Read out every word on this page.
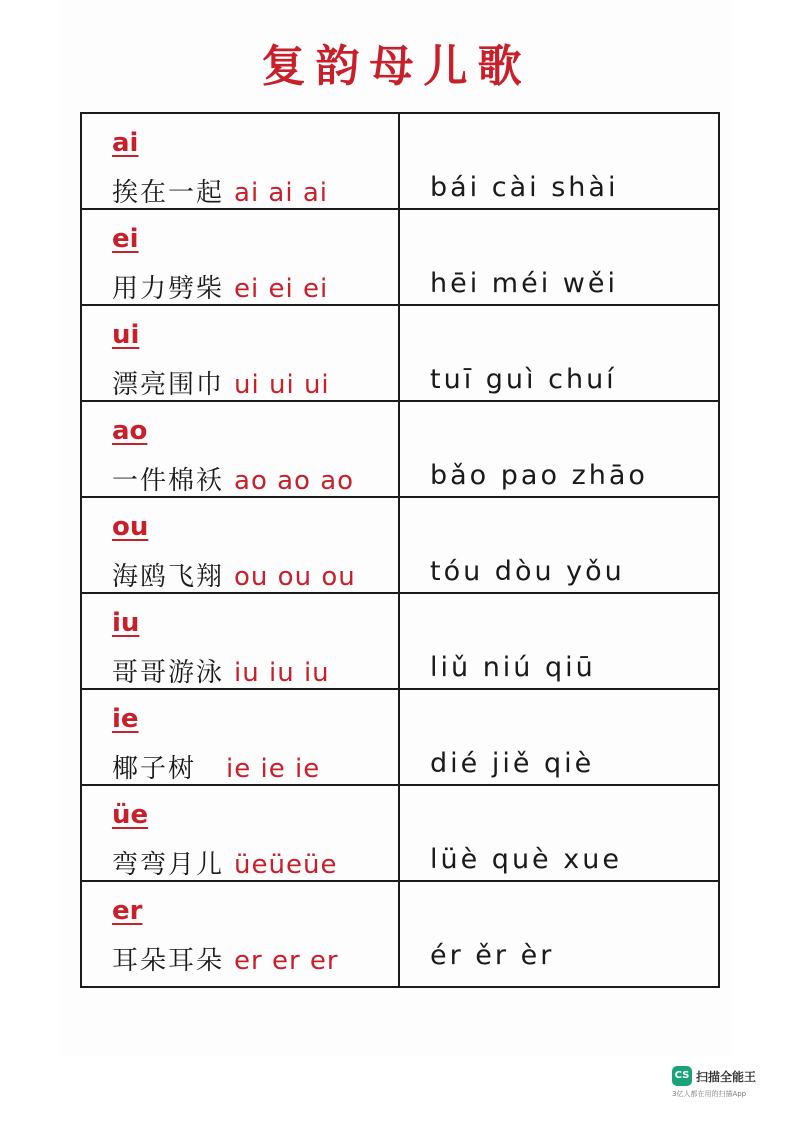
复韵母儿歌
ai
挨在一起 ai ai ai	bái cài shài
ei
用力劈柴 ei ei ei	hēi méi wěi
ui
漂亮围巾 ui ui ui	tuī guì chuí
ao
一件棉袄 ao ao ao	bǎo pao zhāo
ou
海鸥飞翔 ou ou ou	tóu dòu yǒu
iu
哥哥游泳 iu iu iu	liǔ niú qiū
ie
椰子树 ie ie ie	dié jiě qiè
üe
弯弯月儿 üeüeüe	lüè què xue
er
耳朵耳朵 er er er	ér ěr èr
CS 扫描全能王
3亿人都在用的扫描App
